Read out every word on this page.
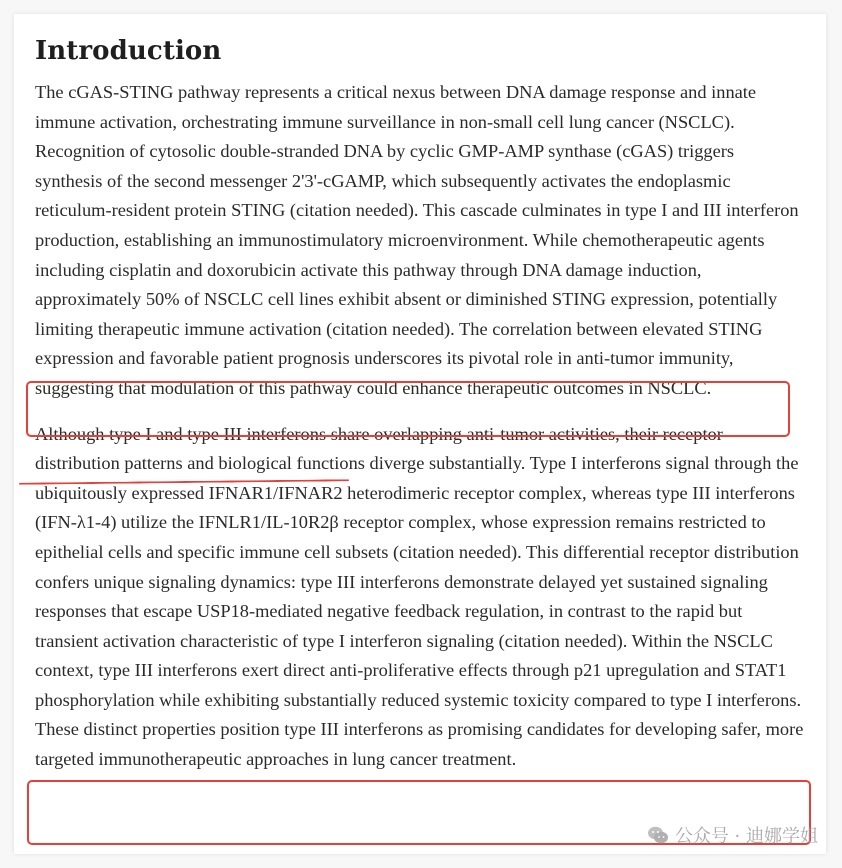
Introduction

The cGAS-STING pathway represents a critical nexus between DNA damage response and innate immune activation, orchestrating immune surveillance in non-small cell lung cancer (NSCLC). Recognition of cytosolic double-stranded DNA by cyclic GMP-AMP synthase (cGAS) triggers synthesis of the second messenger 2'3'-cGAMP, which subsequently activates the endoplasmic reticulum-resident protein STING (citation needed). This cascade culminates in type I and III interferon production, establishing an immunostimulatory microenvironment. While chemotherapeutic agents including cisplatin and doxorubicin activate this pathway through DNA damage induction, approximately 50% of NSCLC cell lines exhibit absent or diminished STING expression, potentially limiting therapeutic immune activation (citation needed). The correlation between elevated STING expression and favorable patient prognosis underscores its pivotal role in anti-tumor immunity, suggesting that modulation of this pathway could enhance therapeutic outcomes in NSCLC.

Although type I and type III interferons share overlapping anti-tumor activities, their receptor distribution patterns and biological functions diverge substantially. Type I interferons signal through the ubiquitously expressed IFNAR1/IFNAR2 heterodimeric receptor complex, whereas type III interferons (IFN-λ1-4) utilize the IFNLR1/IL-10R2β receptor complex, whose expression remains restricted to epithelial cells and specific immune cell subsets (citation needed). This differential receptor distribution confers unique signaling dynamics: type III interferons demonstrate delayed yet sustained signaling responses that escape USP18-mediated negative feedback regulation, in contrast to the rapid but transient activation characteristic of type I interferon signaling (citation needed). Within the NSCLC context, type III interferons exert direct anti-proliferative effects through p21 upregulation and STAT1 phosphorylation while exhibiting substantially reduced systemic toxicity compared to type I interferons. These distinct properties position type III interferons as promising candidates for developing safer, more targeted immunotherapeutic approaches in lung cancer treatment.

公众号 · 迪娜学姐
